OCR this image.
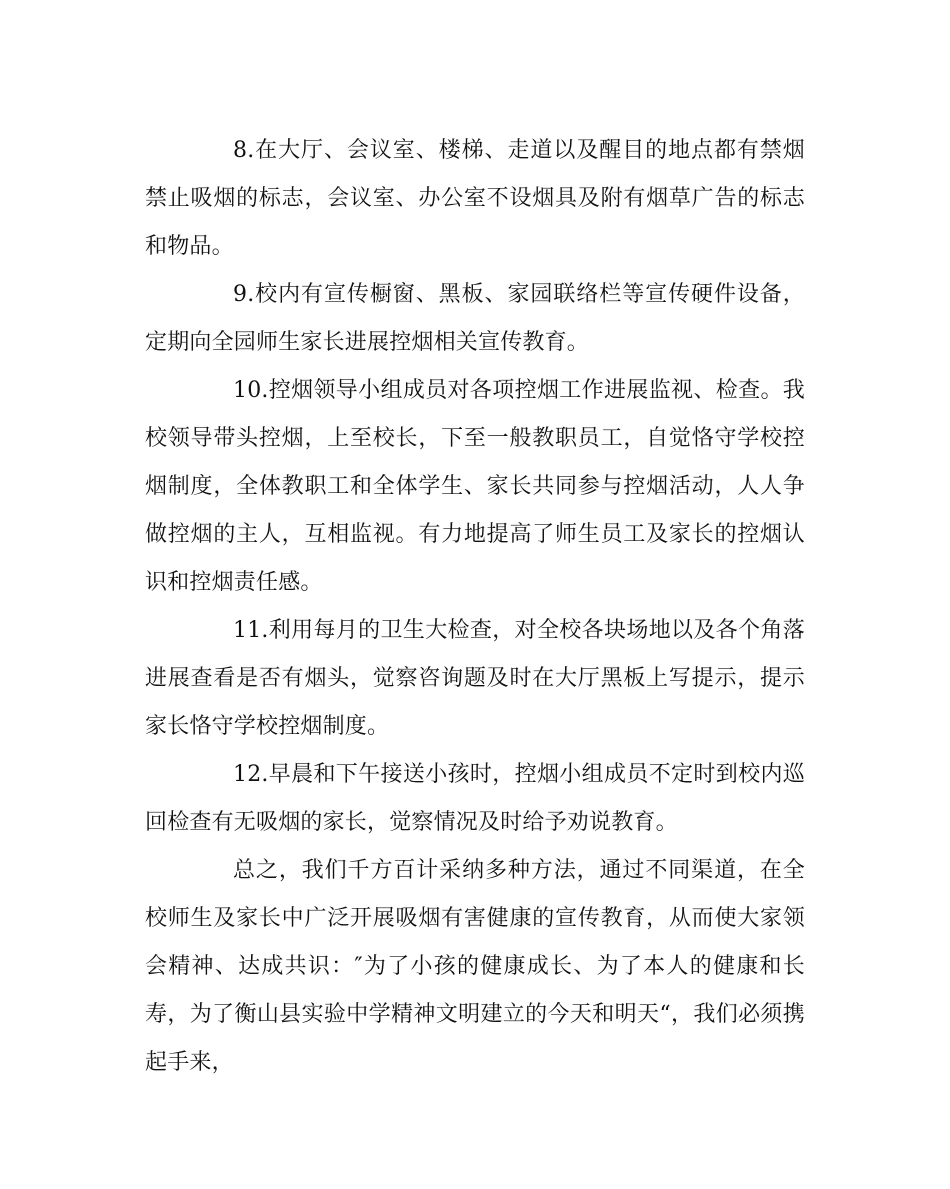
8.在大厅、会议室、楼梯、走道以及醒目的地点都有禁烟禁止吸烟的标志，会议室、办公室不设烟具及附有烟草广告的标志和物品。

9.校内有宣传橱窗、黑板、家园联络栏等宣传硬件设备，定期向全园师生家长进展控烟相关宣传教育。

10.控烟领导小组成员对各项控烟工作进展监视、检查。我校领导带头控烟，上至校长，下至一般教职员工，自觉恪守学校控烟制度，全体教职工和全体学生、家长共同参与控烟活动，人人争做控烟的主人，互相监视。有力地提高了师生员工及家长的控烟认识和控烟责任感。

11.利用每月的卫生大检查，对全校各块场地以及各个角落进展查看是否有烟头，觉察咨询题及时在大厅黑板上写提示，提示家长恪守学校控烟制度。

12.早晨和下午接送小孩时，控烟小组成员不定时到校内巡回检查有无吸烟的家长，觉察情况及时给予劝说教育。

总之，我们千方百计采纳多种方法，通过不同渠道，在全校师生及家长中广泛开展吸烟有害健康的宣传教育，从而使大家领会精神、达成共识：″为了小孩的健康成长、为了本人的健康和长寿，为了衡山县实验中学精神文明建立的今天和明天“，我们必须携起手来，
